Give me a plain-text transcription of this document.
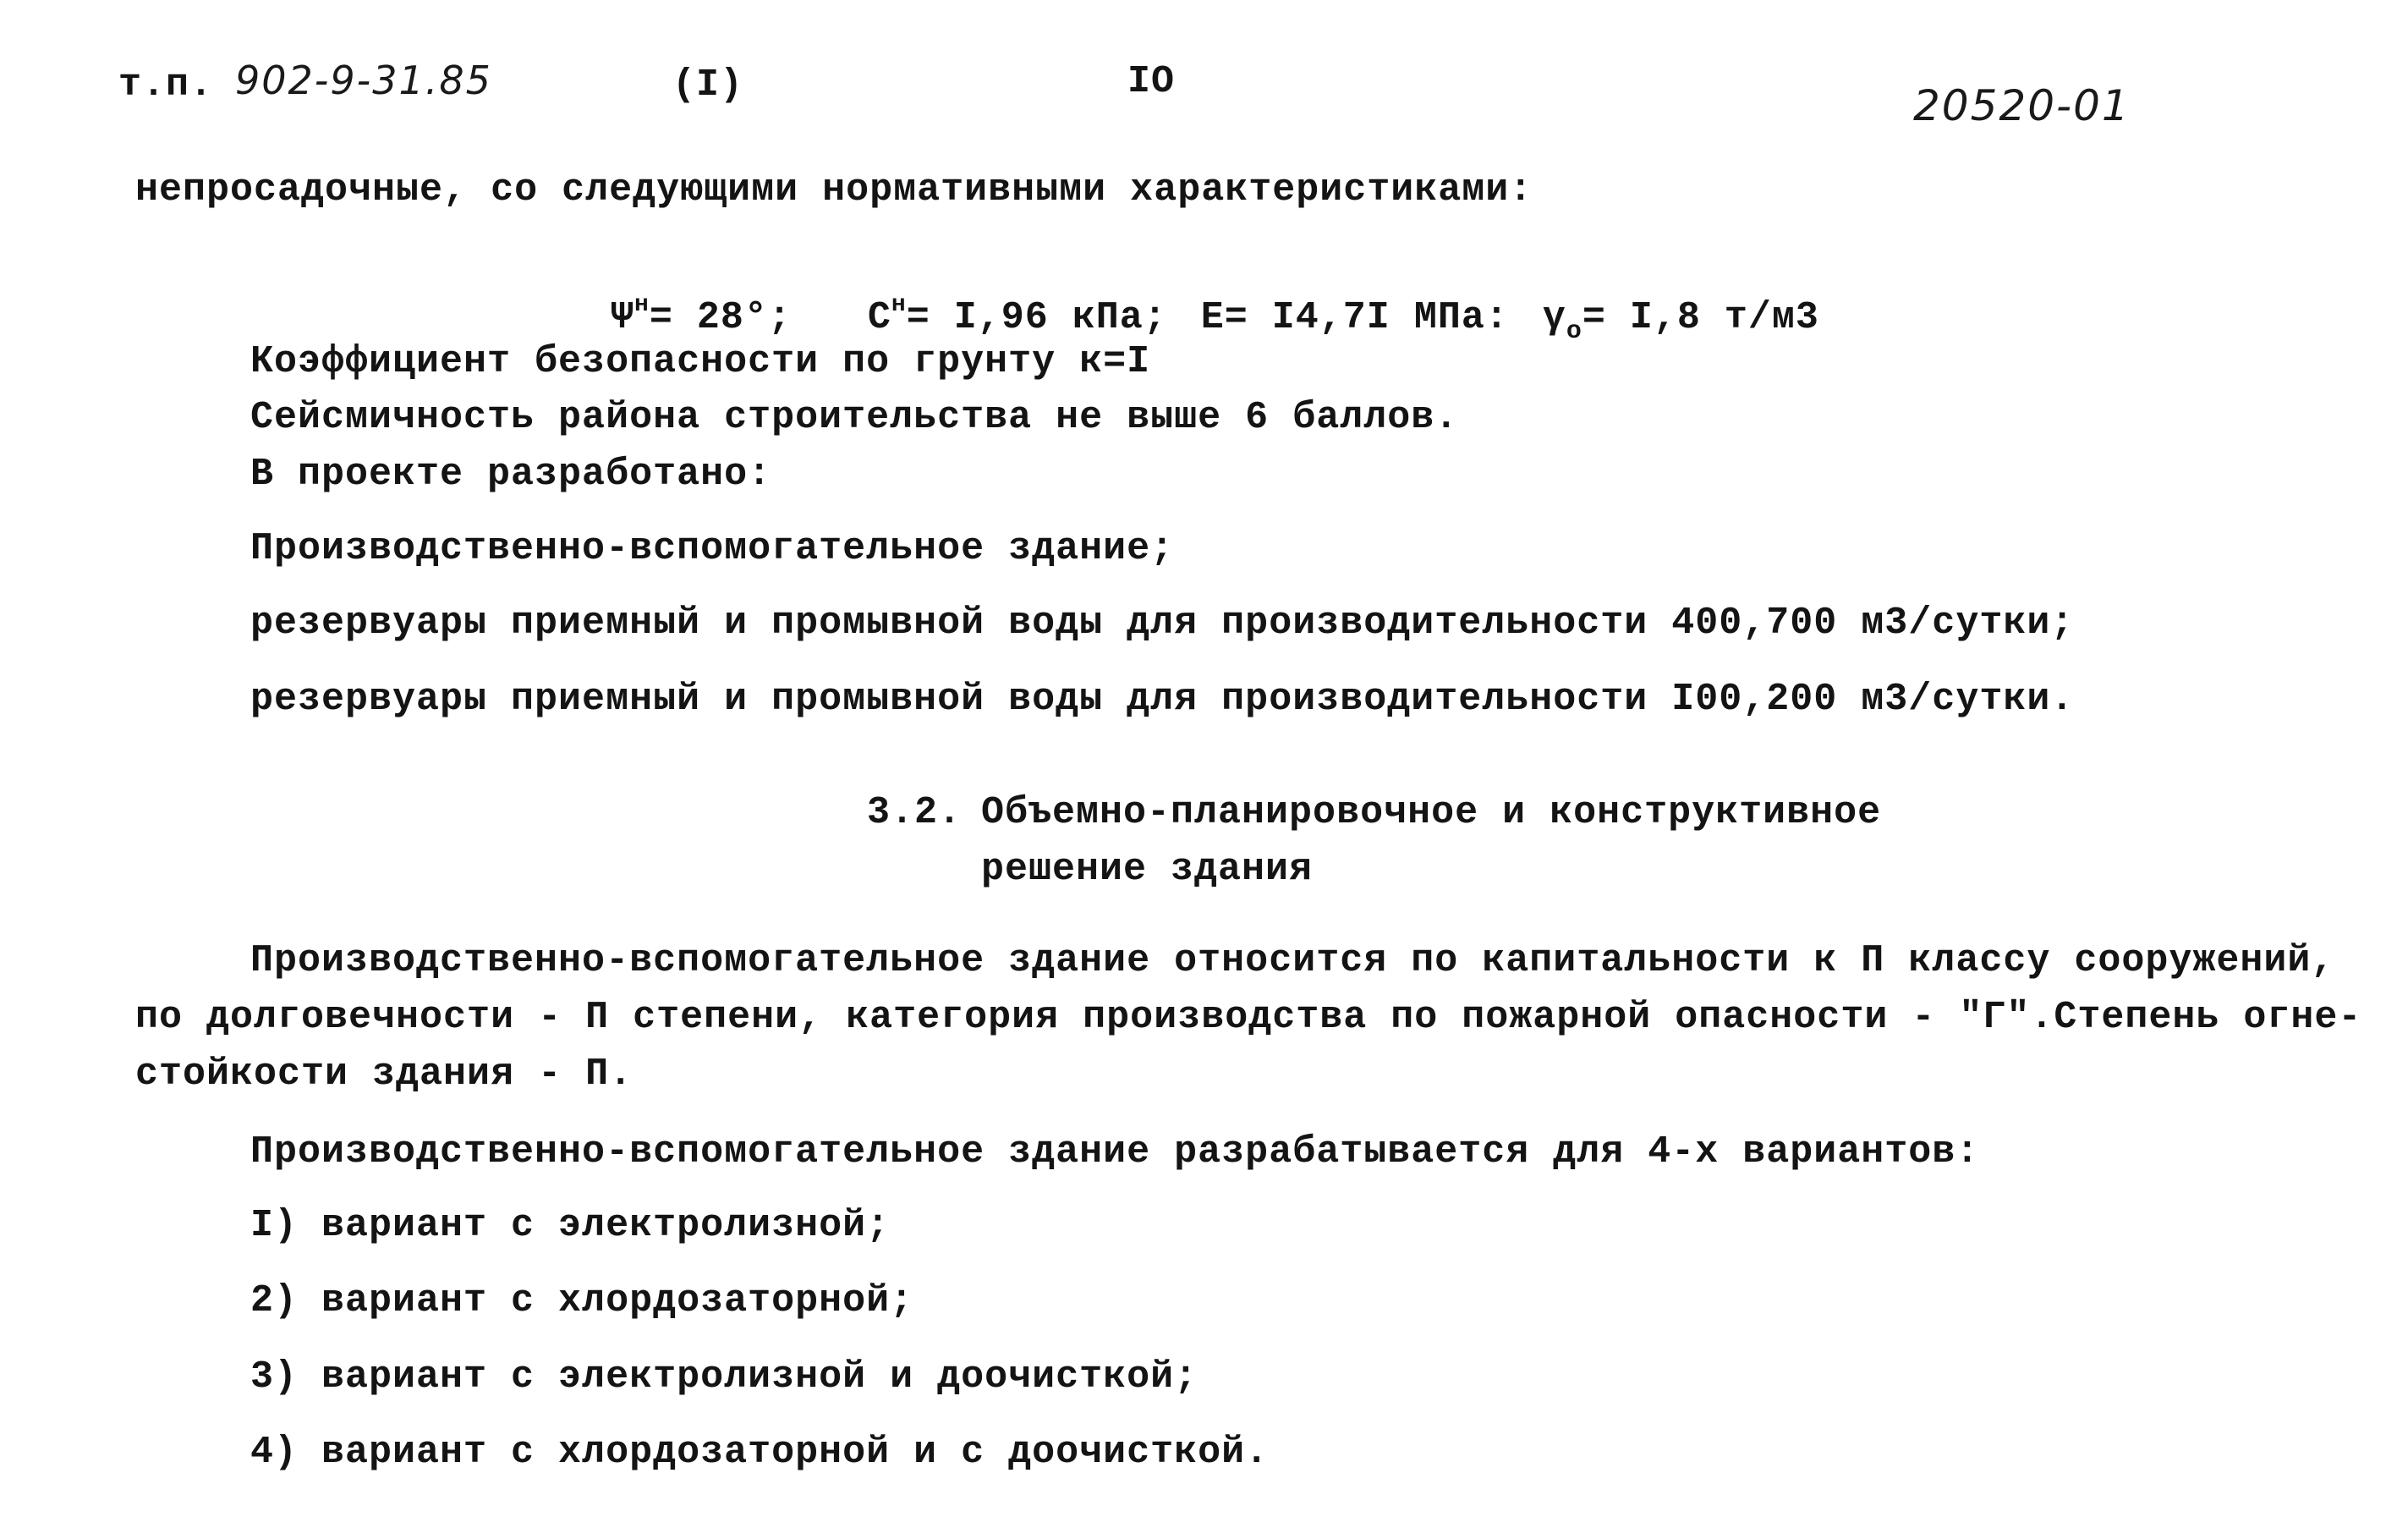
т.п. 902-9-31.85	(I)	IO	20520-01
непросадочные, со следующими нормативными характеристиками:

$\Psi^н= 28^\circ$; $C^н= I,96$ кПа; E= I4,7I МПа: $\gamma_o= I,8$ т/м3

Коэффициент безопасности по грунту к=I
Сейсмичность района строительства не выше 6 баллов.
В проекте разработано:
Производственно-вспомогательное здание;
резервуары приемный и промывной воды для производительности 400,700 м3/сутки;
резервуары приемный и промывной воды для производительности I00,200 м3/сутки.
3.2. Объемно-планировочное и конструктивное
решение здания
Производственно-вспомогательное здание относится по капитальности к П классу сооружений,
по долговечности - П степени, категория производства по пожарной опасности - "Г".Степень огне-
стойкости здания - П.
Производственно-вспомогательное здание разрабатывается для 4-х вариантов:
I) вариант с электролизной;
2) вариант с хлордозаторной;
3) вариант с электролизной и доочисткой;
4) вариант с хлордозаторной и с доочисткой.
